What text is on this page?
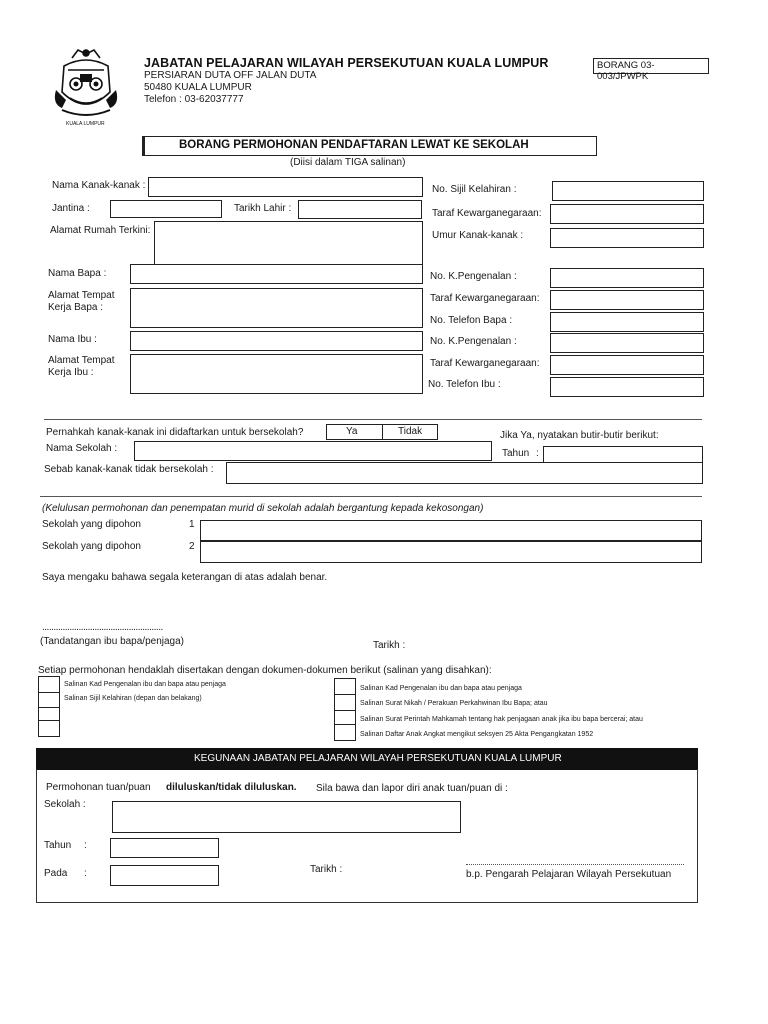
KUALA LUMPUR
JABATAN PELAJARAN WILAYAH PERSEKUTUAN KUALA LUMPUR
PERSIARAN DUTA OFF JALAN DUTA
50480 KUALA LUMPUR
Telefon : 03-62037777
BORANG 03-003/JPWPK
BORANG PERMOHONAN PENDAFTARAN LEWAT KE SEKOLAH
(Diisi dalam TIGA salinan)
Nama Kanak-kanak :	No. Sijil Kelahiran :
Jantina :	Tarikh Lahir :	Taraf Kewarganegaraan:
Alamat Rumah Terkini:	Umur Kanak-kanak :
Nama Bapa :	No. K.Pengenalan :
Alamat Tempat
Kerja Bapa :
Taraf Kewarganegaraan:
No. Telefon Bapa :
Nama Ibu :	No. K.Pengenalan :
Alamat Tempat
Kerja Ibu :
Taraf Kewarganegaraan:
No. Telefon Ibu :
Pernahkah kanak-kanak ini didaftarkan untuk bersekolah?	Ya	Tidak	Jika Ya, nyatakan butir-butir berikut:
Nama Sekolah :	Tahun :
Sebab kanak-kanak tidak bersekolah :
(Kelulusan permohonan dan penempatan murid di sekolah adalah bergantung kepada kekosongan)
Sekolah yang dipohon	1
Sekolah yang dipohon	2
Saya mengaku bahawa segala keterangan di atas adalah benar.
.....................................................
(Tandatangan ibu bapa/penjaga)	Tarikh :
Setiap permohonan hendaklah disertakan dengan dokumen-dokumen berikut (salinan yang disahkan):
Salinan Kad Pengenalan ibu dan bapa atau penjaga
Salinan Sijil Kelahiran (depan dan belakang)
Salinan Kad Pengenalan ibu dan bapa atau penjaga
Salinan Surat Nikah / Perakuan Perkahwinan Ibu Bapa; atau
Salinan Surat Perintah Mahkamah tentang hak penjagaan anak jika ibu bapa bercerai; atau
Salinan Daftar Anak Angkat mengikut seksyen 25 Akta Pengangkatan 1952
KEGUNAAN JABATAN PELAJARAN WILAYAH PERSEKUTUAN KUALA LUMPUR
Permohonan tuan/puan diluluskan/tidak diluluskan. Sila bawa dan lapor diri anak tuan/puan di :
Sekolah :
Tahun :
Pada :	Tarikh :	b.p. Pengarah Pelajaran Wilayah Persekutuan
